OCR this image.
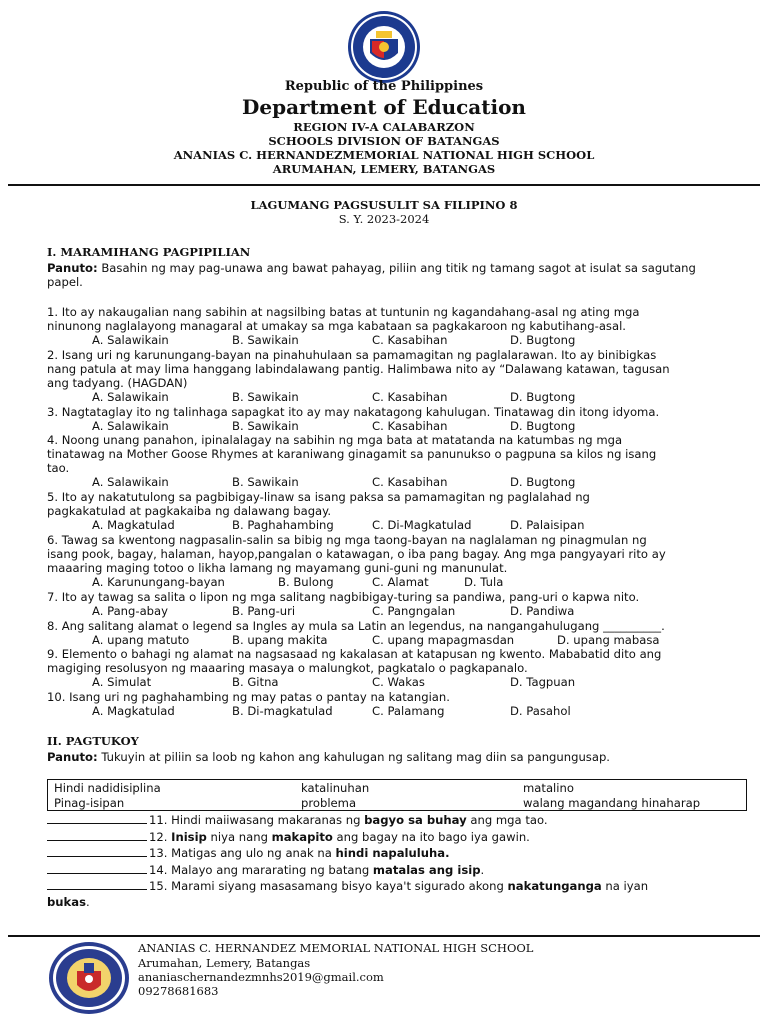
Republic of the Philippines
Department of Education
REGION IV-A CALABARZON
SCHOOLS DIVISION OF BATANGAS
ANANIAS C. HERNANDEZMEMORIAL NATIONAL HIGH SCHOOL
ARUMAHAN, LEMERY, BATANGAS
LAGUMANG PAGSUSULIT SA FILIPINO 8
S. Y. 2023-2024
I. MARAMIHANG PAGPIPILIAN
Panuto: Basahin ng may pag-unawa ang bawat pahayag, piliin ang titik ng tamang sagot at isulat sa sagutang papel.
1. Ito ay nakaugalian nang sabihin at nagsilbing batas at tuntunin ng kagandahang-asal ng ating mga
ninunong naglalayong managaral at umakay sa mga kabataan sa pagkakaroon ng kabutihang-asal.
A. Salawikain	B. Sawikain	C. Kasabihan	D. Bugtong
2. Isang uri ng karunungang-bayan na pinahuhulaan sa pamamagitan ng paglalarawan. Ito ay binibigkas
nang patula at may lima hanggang labindalawang pantig. Halimbawa nito ay “Dalawang katawan, tagusan
ang tadyang. (HAGDAN)
A. Salawikain	B. Sawikain	C. Kasabihan	D. Bugtong
3. Nagtataglay ito ng talinhaga sapagkat ito ay may nakatagong kahulugan. Tinatawag din itong idyoma.
A. Salawikain	B. Sawikain	C. Kasabihan	D. Bugtong
4. Noong unang panahon, ipinalalagay na sabihin ng mga bata at matatanda na katumbas ng mga
tinatawag na Mother Goose Rhymes at karaniwang ginagamit sa panunukso o pagpuna sa kilos ng isang
tao.
A. Salawikain	B. Sawikain	C. Kasabihan	D. Bugtong
5. Ito ay nakatutulong sa pagbibigay-linaw sa isang paksa sa pamamagitan ng paglalahad ng
pagkakatulad at pagkakaiba ng dalawang bagay.
A. Magkatulad	B. Paghahambing	C. Di-Magkatulad	D. Palaisipan
6. Tawag sa kwentong nagpasalin-salin sa bibig ng mga taong-bayan na naglalaman ng pinagmulan ng
isang pook, bagay, halaman, hayop,pangalan o katawagan, o iba pang bagay. Ang mga pangyayari rito ay
maaaring maging totoo o likha lamang ng mayamang guni-guni ng manunulat.
A. Karunungang-bayan	B. Bulong	C. Alamat	D. Tula
7. Ito ay tawag sa salita o lipon ng mga salitang nagbibigay-turing sa pandiwa, pang-uri o kapwa nito.
A. Pang-abay	B. Pang-uri	C. Pangngalan	D. Pandiwa
8. Ang salitang alamat o legend sa Ingles ay mula sa Latin an legendus, na nangangahulugang __________.
A. upang matuto	B. upang makita	C. upang mapagmasdan	D. upang mabasa
9. Elemento o bahagi ng alamat na nagsasaad ng kakalasan at katapusan ng kwento. Mababatid dito ang
magiging resolusyon ng maaaring masaya o malungkot, pagkatalo o pagkapanalo.
A. Simulat	B. Gitna	C. Wakas	D. Tagpuan
10. Isang uri ng paghahambing ng may patas o pantay na katangian.
A. Magkatulad	B. Di-magkatulad	C. Palamang	D. Pasahol
II. PAGTUKOY
Panuto: Tukuyin at piliin sa loob ng kahon ang kahulugan ng salitang mag diin sa pangungusap.
Hindi nadidisiplina	katalinuhan	matalino
Pinag-isipan	problema	walang magandang hinaharap
11. Hindi maiiwasang makaranas ng bagyo sa buhay ang mga tao.
12. Inisip niya nang makapito ang bagay na ito bago iya gawin.
13. Matigas ang ulo ng anak na hindi napaluluha.
14. Malayo ang mararating ng batang matalas ang isip.
15. Marami siyang masasamang bisyo kaya't sigurado akong nakatunganga na iyan
bukas.
ANANIAS C. HERNANDEZ MEMORIAL NATIONAL HIGH SCHOOL
Arumahan, Lemery, Batangas
ananiaschernandezmnhs2019@gmail.com
09278681683
